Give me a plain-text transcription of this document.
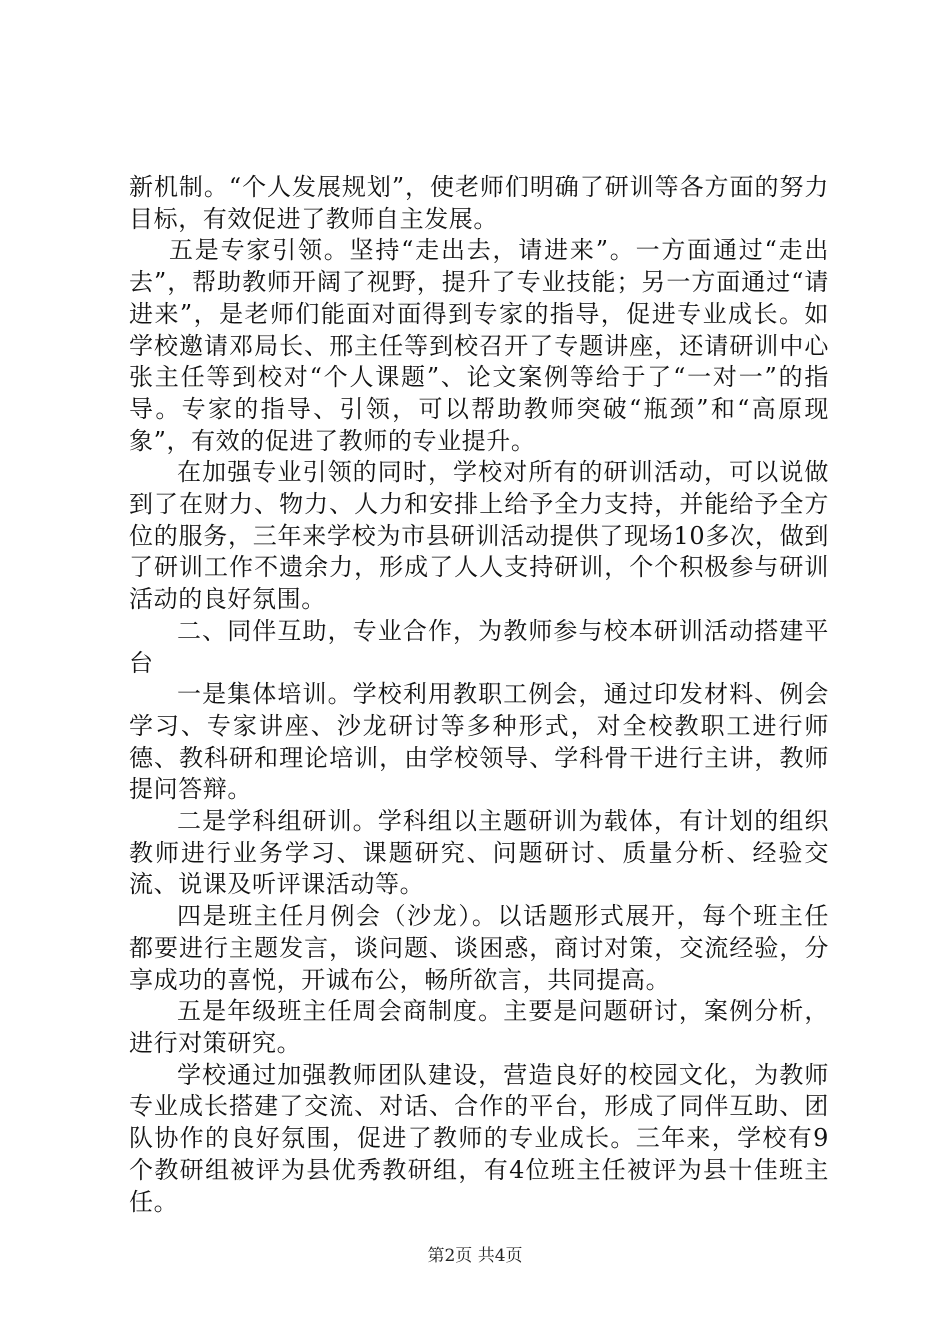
新机制。“个人发展规划”，使老师们明确了研训等各方面的努力目标，有效促进了教师自主发展。

五是专家引领。坚持“走出去，请进来”。一方面通过“走出去”，帮助教师开阔了视野，提升了专业技能；另一方面通过“请进来”，是老师们能面对面得到专家的指导，促进专业成长。如学校邀请邓局长、邢主任等到校召开了专题讲座，还请研训中心张主任等到校对“个人课题”、论文案例等给于了“一对一”的指导。专家的指导、引领，可以帮助教师突破“瓶颈”和“高原现象”，有效的促进了教师的专业提升。

在加强专业引领的同时，学校对所有的研训活动，可以说做到了在财力、物力、人力和安排上给予全力支持，并能给予全方位的服务，三年来学校为市县研训活动提供了现场10多次，做到了研训工作不遗余力，形成了人人支持研训，个个积极参与研训活动的良好氛围。

二、同伴互助，专业合作，为教师参与校本研训活动搭建平台

一是集体培训。学校利用教职工例会，通过印发材料、例会学习、专家讲座、沙龙研讨等多种形式，对全校教职工进行师德、教科研和理论培训，由学校领导、学科骨干进行主讲，教师提问答辩。

二是学科组研训。学科组以主题研训为载体，有计划的组织教师进行业务学习、课题研究、问题研讨、质量分析、经验交流、说课及听评课活动等。

四是班主任月例会（沙龙）。以话题形式展开，每个班主任都要进行主题发言，谈问题、谈困惑，商讨对策，交流经验，分享成功的喜悦，开诚布公，畅所欲言，共同提高。

五是年级班主任周会商制度。主要是问题研讨，案例分析，进行对策研究。

学校通过加强教师团队建设，营造良好的校园文化，为教师专业成长搭建了交流、对话、合作的平台，形成了同伴互助、团队协作的良好氛围，促进了教师的专业成长。三年来，学校有9个教研组被评为县优秀教研组，有4位班主任被评为县十佳班主任。

第2页 共4页
